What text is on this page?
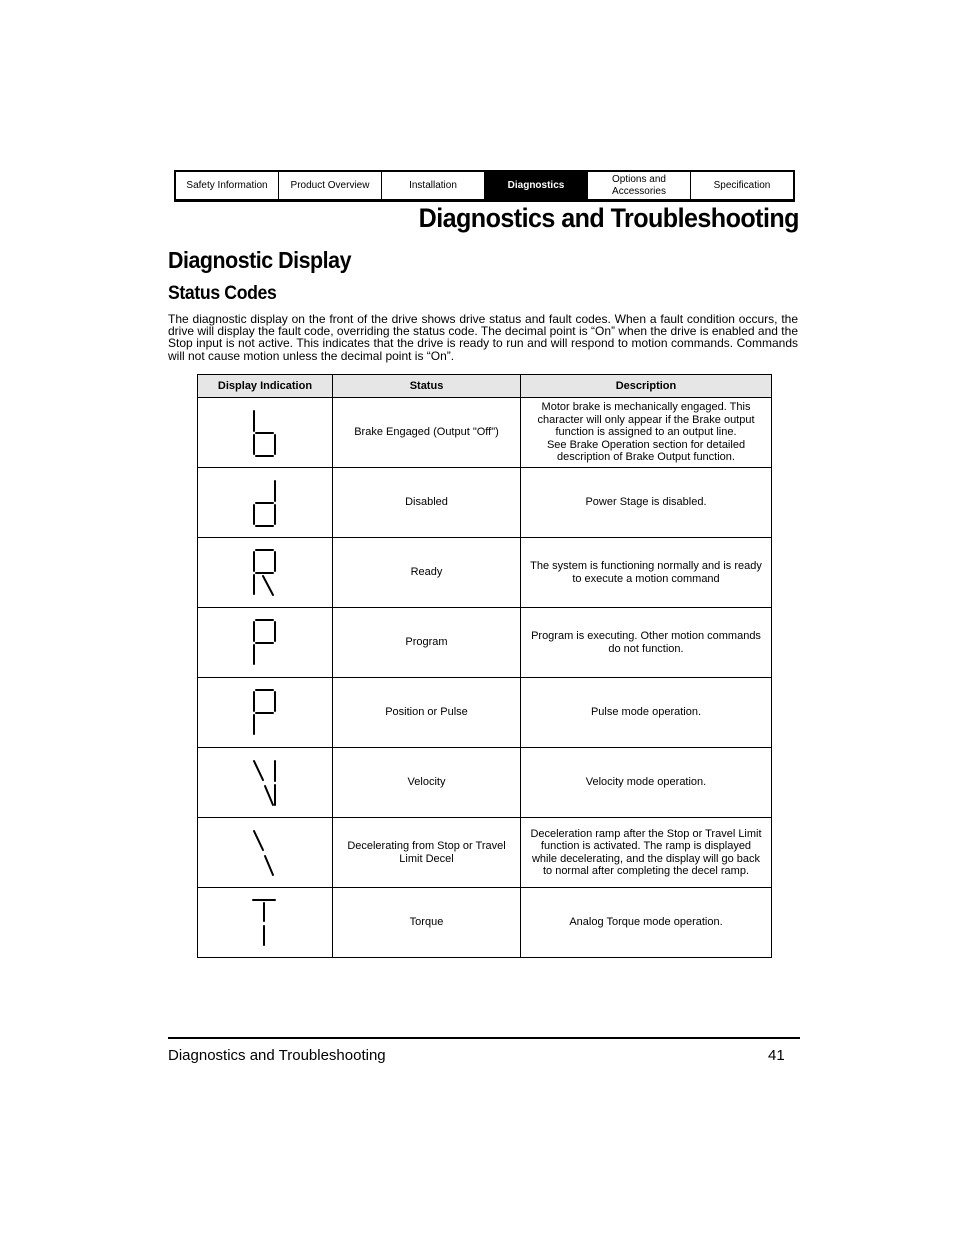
Safety Information	Product Overview	Installation	Diagnostics
Options and Accessories
Specification
Diagnostics and Troubleshooting
Diagnostic Display
Status Codes

The diagnostic display on the front of the drive shows drive status and fault codes. When a fault condition occurs, the drive will display the fault code, overriding the status code. The decimal point is “On” when the drive is enabled and the Stop input is not active. This indicates that the drive is ready to run and will respond to motion commands. Commands will not cause motion unless the decimal point is “On”.

Display Indication	Status	Description

	Brake Engaged (Output "Off")	Motor brake is mechanically engaged. This character will only appear if the Brake output function is assigned to an output line.
See Brake Operation section for detailed description of Brake Output function.

	Disabled	Power Stage is disabled.

	Ready	The system is functioning normally and is ready to execute a motion command

	Program	Program is executing. Other motion commands do not function.

	Position or Pulse	Pulse mode operation.

	Velocity	Velocity mode operation.

	Decelerating from Stop or Travel Limit Decel	Deceleration ramp after the Stop or Travel Limit function is activated. The ramp is displayed while decelerating, and the display will go back to normal after completing the decel ramp.

	Torque	Analog Torque mode operation.
Diagnostics and Troubleshooting	41
